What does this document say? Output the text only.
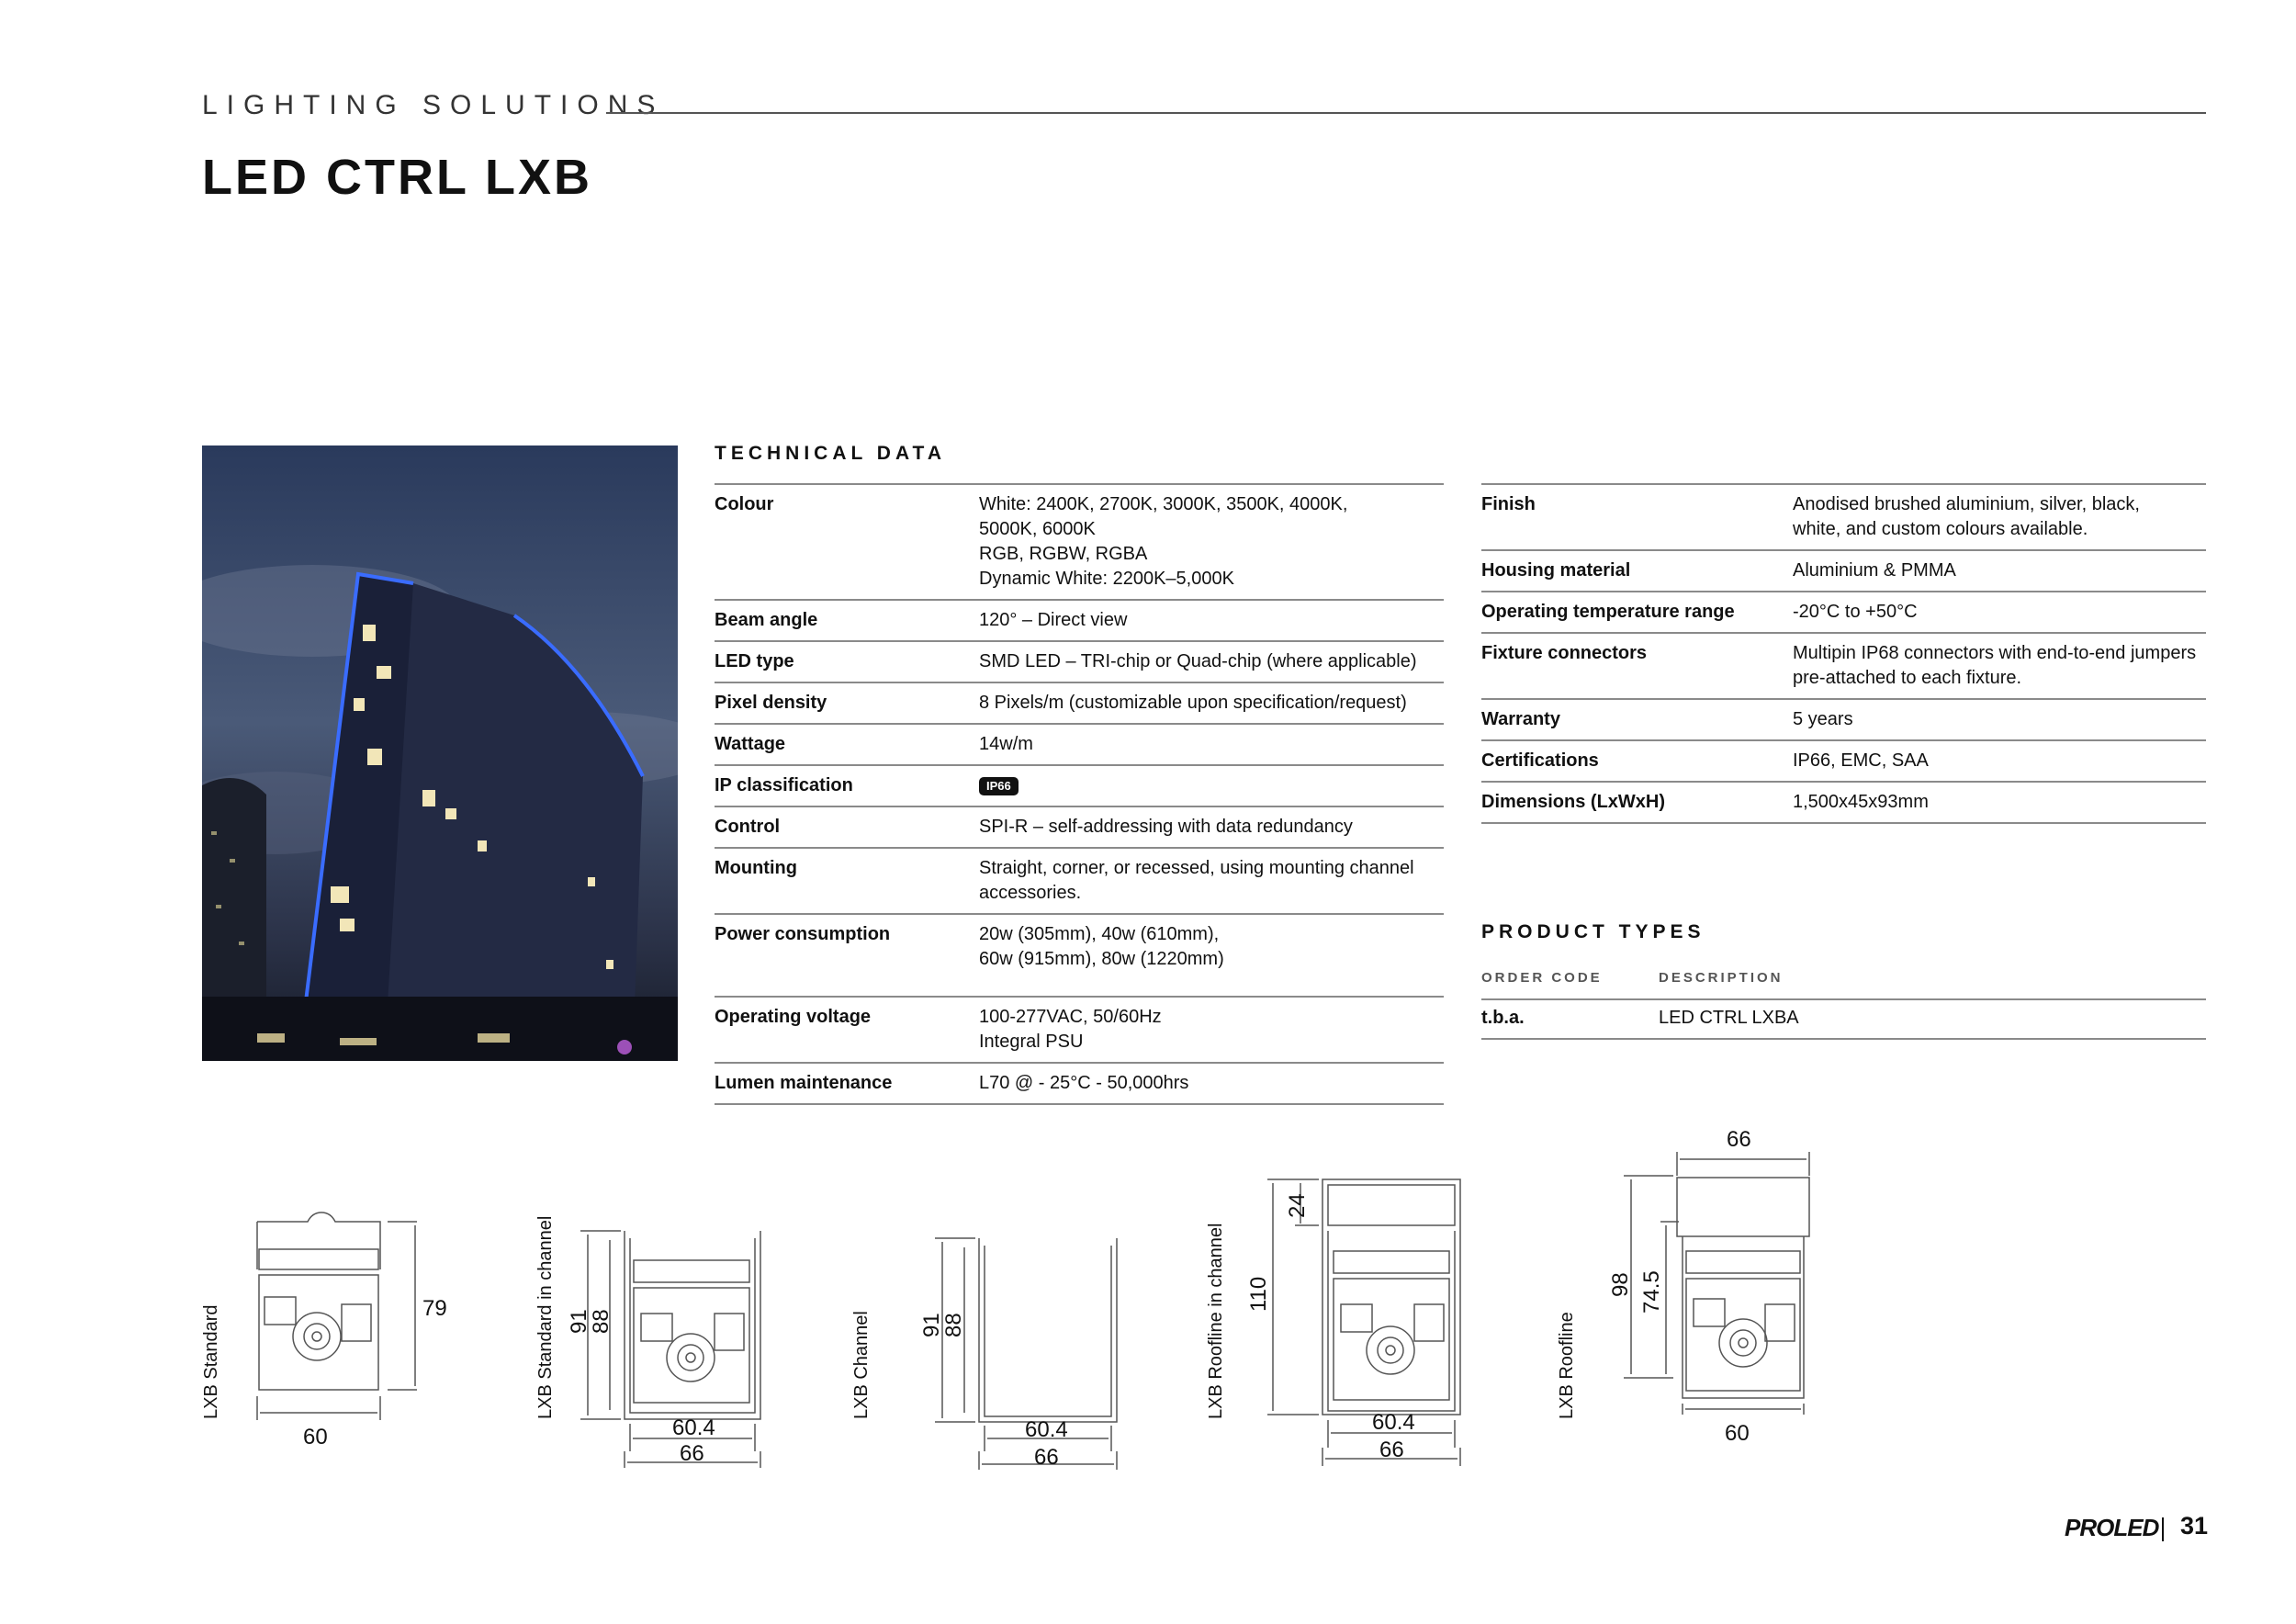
LIGHTING SOLUTIONS
LED CTRL LXB
TECHNICAL DATA
Colour	White: 2400K, 2700K, 3000K, 3500K, 4000K,
5000K, 6000K
RGB, RGBW, RGBA
Dynamic White: 2200K–5,000K
Beam angle	120° – Direct view
LED type	SMD LED – TRI-chip or Quad-chip (where applicable)
Pixel density	8 Pixels/m (customizable upon specification/request)
Wattage	14w/m
IP classification	IP66
Control	SPI-R – self-addressing with data redundancy
Mounting	Straight, corner, or recessed, using mounting channel
accessories.
Power consumption	20w (305mm), 40w (610mm),
60w (915mm), 80w (1220mm)
Operating voltage	100-277VAC, 50/60Hz
Integral PSU
Lumen maintenance	L70 @ - 25°C - 50,000hrs
Finish	Anodised brushed aluminium, silver, black,
white, and custom colours available.
Housing material	Aluminium & PMMA
Operating temperature range	-20°C to +50°C
Fixture connectors	Multipin IP68 connectors with end-to-end jumpers
pre-attached to each fixture.
Warranty	5 years
Certifications	IP66, EMC, SAA
Dimensions (LxWxH)	1,500x45x93mm
PRODUCT TYPES
ORDER CODE	DESCRIPTION
t.b.a.	LED CTRL LXBA
LXB Standard	79
60
LXB Standard in channel 91
88
60.4
66
LXB Channel 91
88
60.4
66
LXB Roofline in channel
24
110
60.4
66
LXB Roofline
66
98 74.5
60
PROLED 31
